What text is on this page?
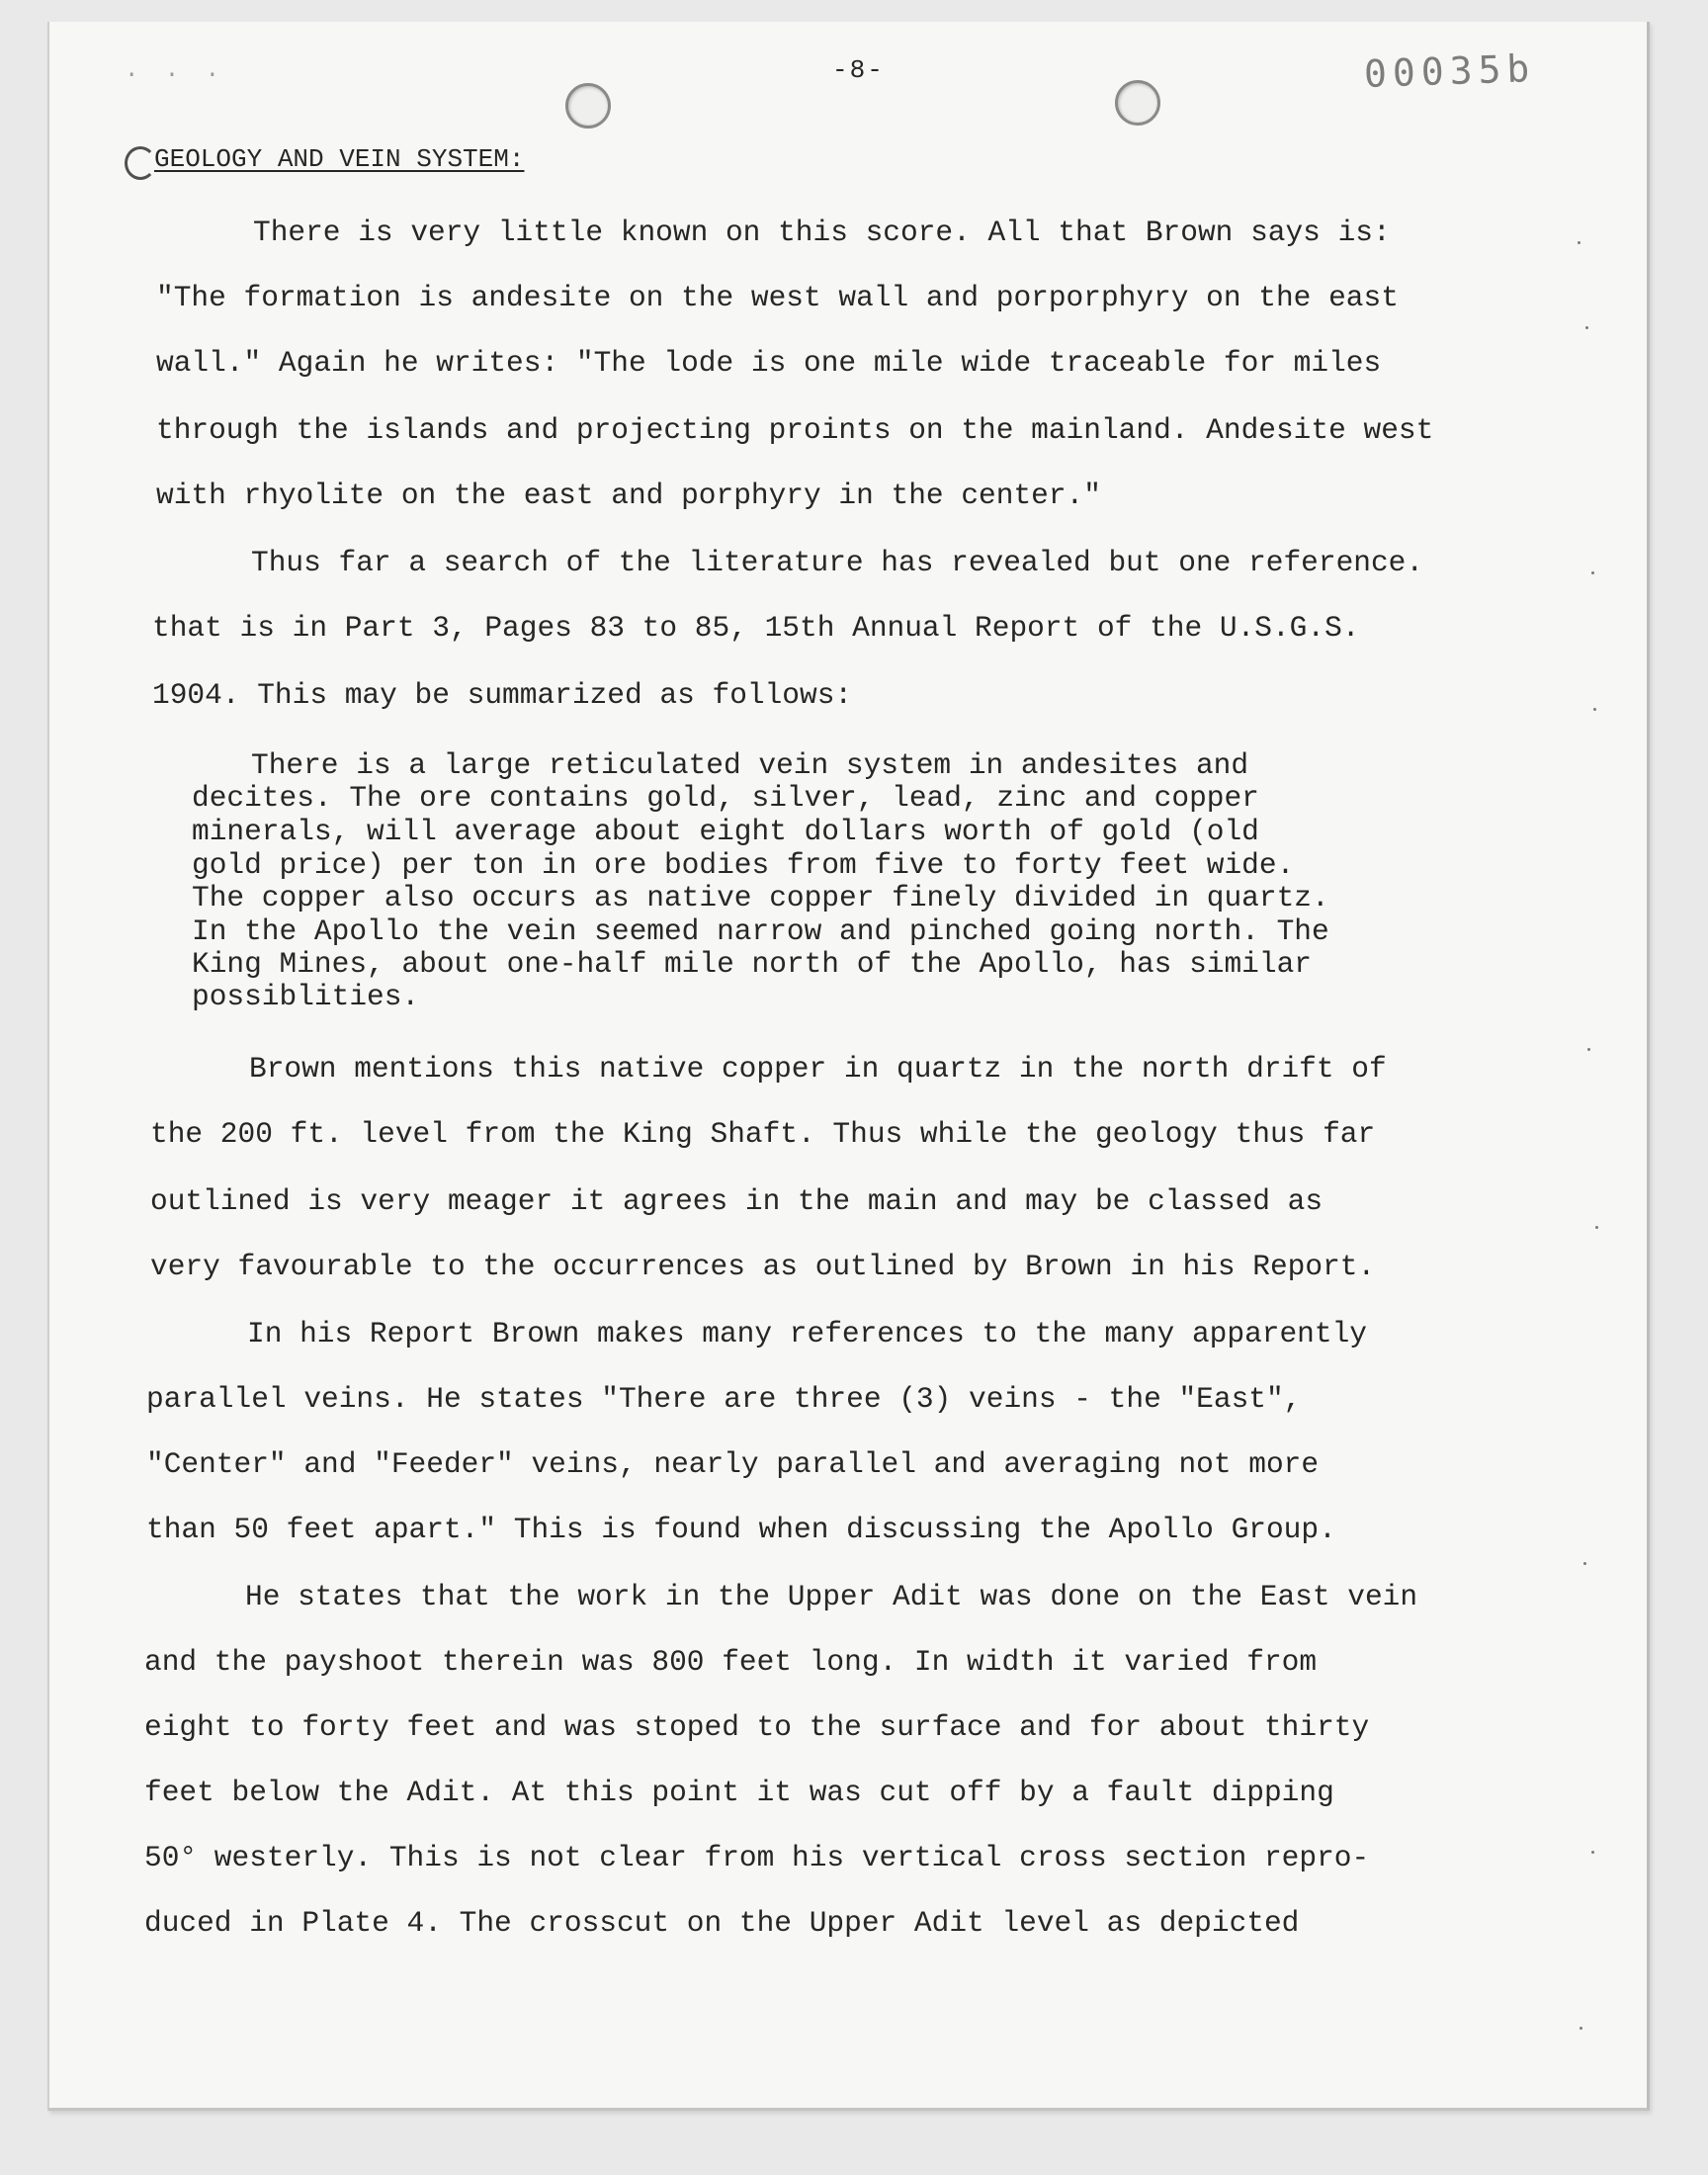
. . .	-8-	00035b
GEOLOGY AND VEIN SYSTEM:
There is very little known on this score. All that Brown says is:
"The formation is andesite on the west wall and porporphyry on the east
wall." Again he writes: "The lode is one mile wide traceable for miles
through the islands and projecting proints on the mainland. Andesite west
with rhyolite on the east and porphyry in the center."
Thus far a search of the literature has revealed but one reference.
that is in Part 3, Pages 83 to 85, 15th Annual Report of the U.S.G.S.
1904. This may be summarized as follows:
There is a large reticulated vein system in andesites and
decites. The ore contains gold, silver, lead, zinc and copper
minerals, will average about eight dollars worth of gold (old
gold price) per ton in ore bodies from five to forty feet wide.
The copper also occurs as native copper finely divided in quartz.
In the Apollo the vein seemed narrow and pinched going north. The
King Mines, about one-half mile north of the Apollo, has similar
possiblities.
Brown mentions this native copper in quartz in the north drift of
the 200 ft. level from the King Shaft. Thus while the geology thus far
outlined is very meager it agrees in the main and may be classed as
very favourable to the occurrences as outlined by Brown in his Report.
In his Report Brown makes many references to the many apparently
parallel veins. He states "There are three (3) veins - the "East",
"Center" and "Feeder" veins, nearly parallel and averaging not more
than 50 feet apart." This is found when discussing the Apollo Group.
He states that the work in the Upper Adit was done on the East vein
and the payshoot therein was 800 feet long. In width it varied from
eight to forty feet and was stoped to the surface and for about thirty
feet below the Adit. At this point it was cut off by a fault dipping
50° westerly. This is not clear from his vertical cross section repro-
duced in Plate 4. The crosscut on the Upper Adit level as depicted
